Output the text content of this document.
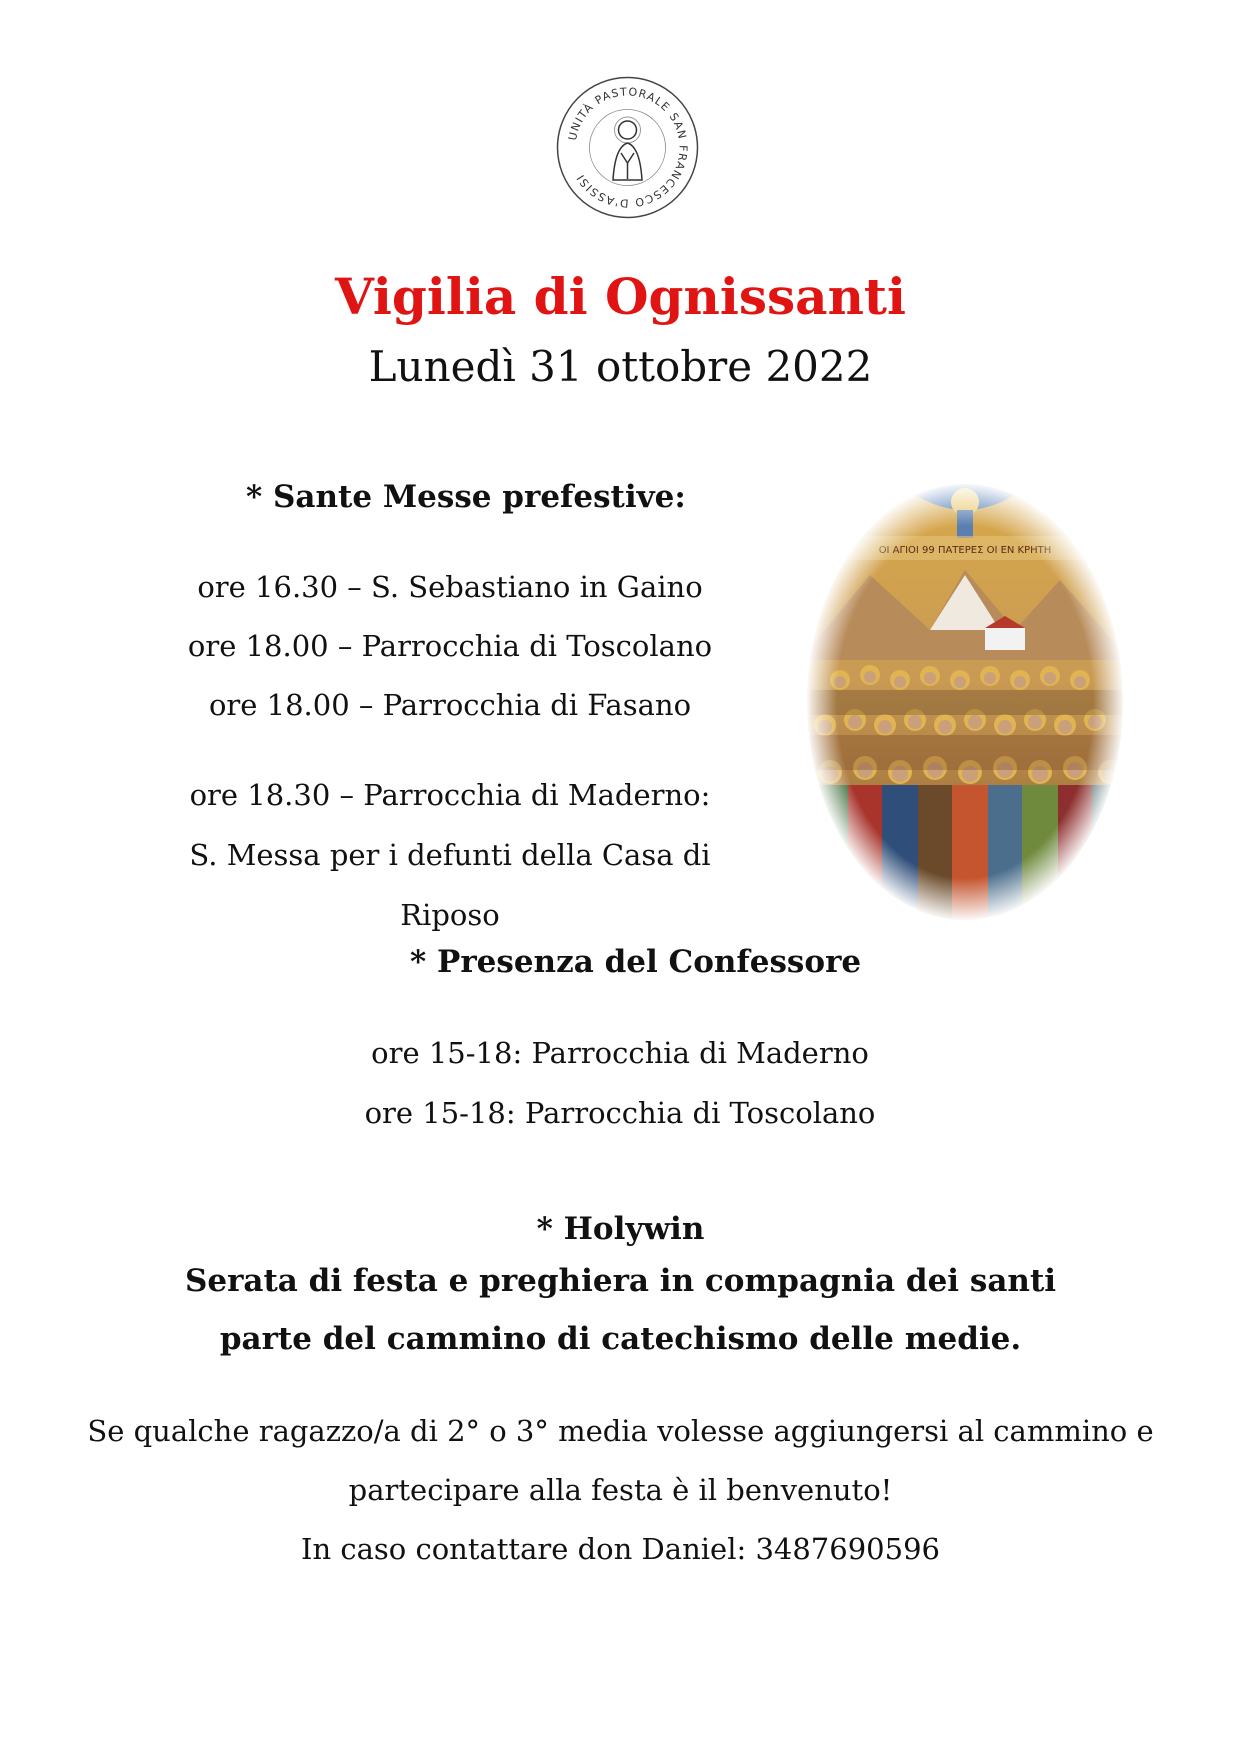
UNITÀ PASTORALE SAN FRANCESCO D'ASSISI
Vigilia di Ognissanti
Lunedì 31 ottobre 2022
* Sante Messe prefestive:
ore 16.30 – S. Sebastiano in Gaino
ore 18.00 – Parrocchia di Toscolano
ore 18.00 – Parrocchia di Fasano
ore 18.30 – Parrocchia di Maderno:
S. Messa per i defunti della Casa di Riposo
* Presenza del Confessore
ore 15-18: Parrocchia di Maderno
ore 15-18: Parrocchia di Toscolano
* Holywin
Serata di festa e preghiera in compagnia dei santi
parte del cammino di catechismo delle medie.
Se qualche ragazzo/a di 2° o 3° media volesse aggiungersi al cammino e
partecipare alla festa è il benvenuto!
In caso contattare don Daniel: 3487690596
